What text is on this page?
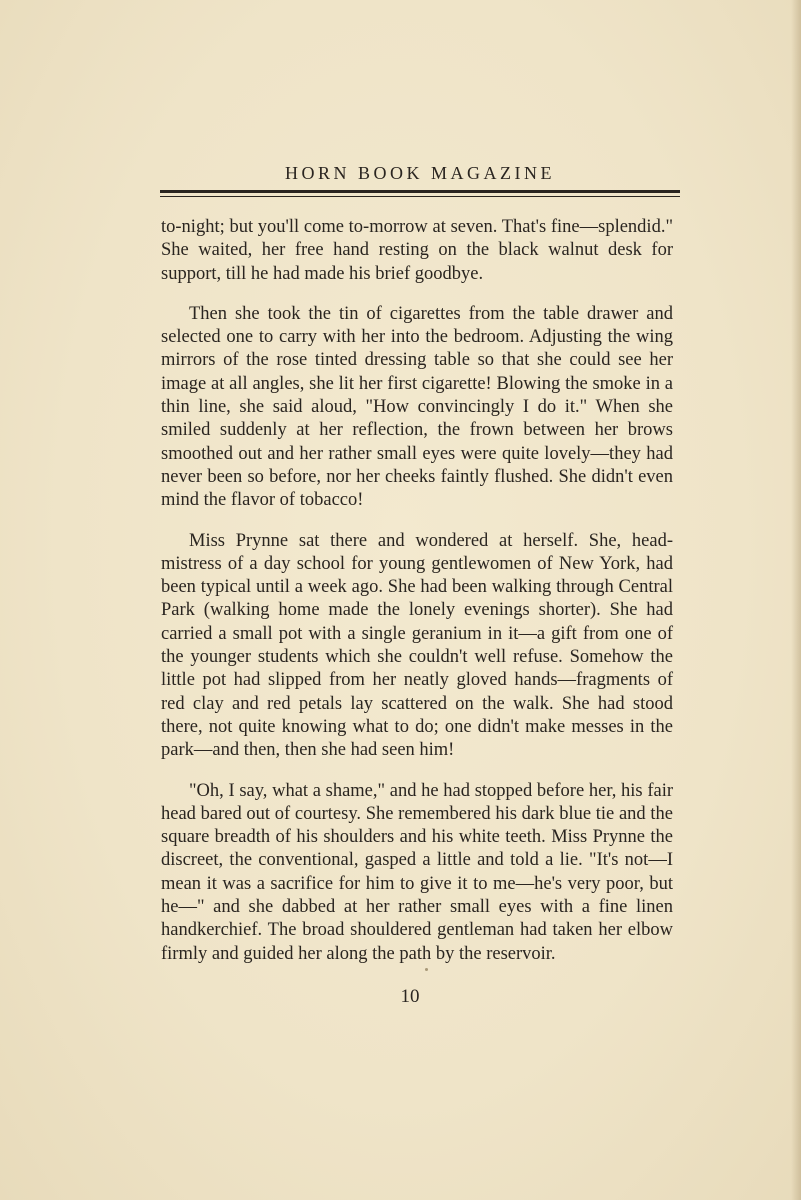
HORN BOOK MAGAZINE

to-night; but you'll come to-morrow at seven. That's fine—splendid." She waited, her free hand resting on the black walnut desk for support, till he had made his brief goodbye.

Then she took the tin of cigarettes from the table drawer and selected one to carry with her into the bedroom. Adjusting the wing mirrors of the rose tinted dressing table so that she could see her image at all angles, she lit her first cigarette! Blowing the smoke in a thin line, she said aloud, "How convincingly I do it." When she smiled suddenly at her reflection, the frown between her brows smoothed out and her rather small eyes were quite lovely—they had never been so before, nor her cheeks faintly flushed. She didn't even mind the flavor of tobacco!

Miss Prynne sat there and wondered at herself. She, head-mistress of a day school for young gentlewomen of New York, had been typical until a week ago. She had been walking through Central Park (walking home made the lonely evenings shorter). She had carried a small pot with a single geranium in it—a gift from one of the younger students which she couldn't well refuse. Somehow the little pot had slipped from her neatly gloved hands—fragments of red clay and red petals lay scattered on the walk. She had stood there, not quite knowing what to do; one didn't make messes in the park—and then, then she had seen him!

"Oh, I say, what a shame," and he had stopped before her, his fair head bared out of courtesy. She remembered his dark blue tie and the square breadth of his shoulders and his white teeth. Miss Prynne the discreet, the conventional, gasped a little and told a lie. "It's not—I mean it was a sacrifice for him to give it to me—he's very poor, but he—" and she dabbed at her rather small eyes with a fine linen handkerchief. The broad shouldered gentleman had taken her elbow firmly and guided her along the path by the reservoir.

10
